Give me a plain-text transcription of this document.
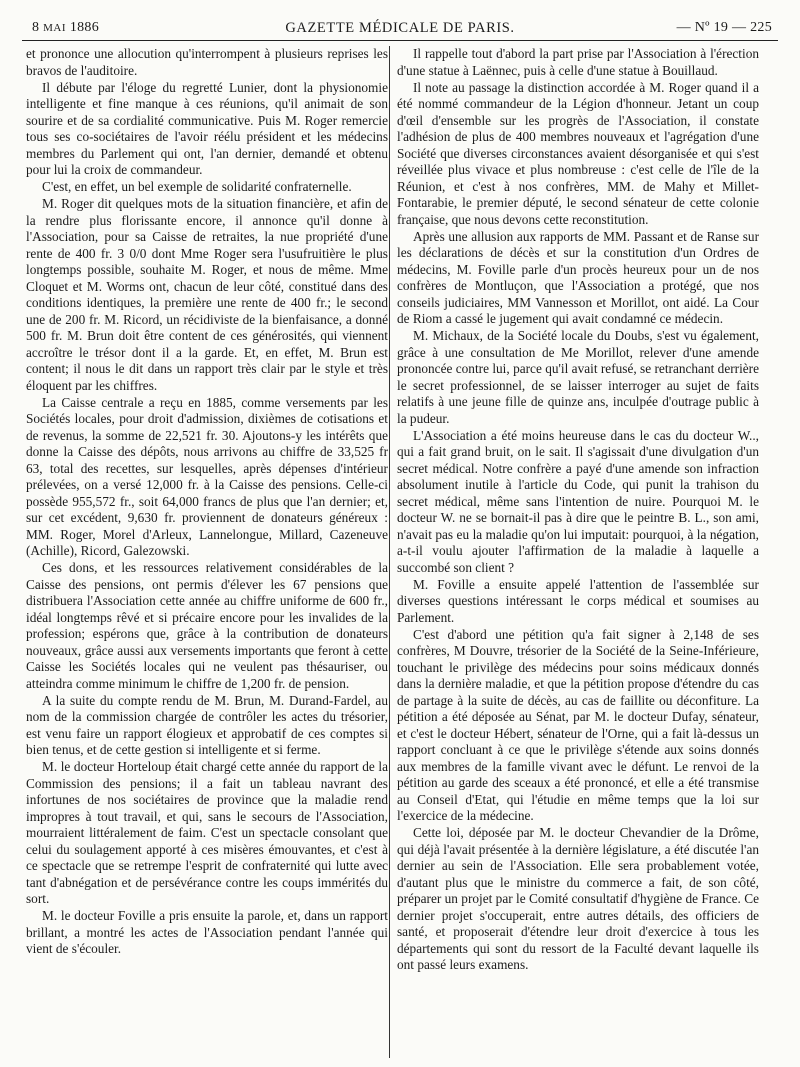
8 MAI 1886	GAZETTE MÉDICALE DE PARIS.	— Nº 19 — 225

et prononce une allocution qu'interrompent à plusieurs reprises les bravos de l'auditoire.

Il débute par l'éloge du regretté Lunier, dont la physionomie intelligente et fine manque à ces réunions, qu'il animait de son sourire et de sa cordialité communicative. Puis M. Roger remercie tous ses co-sociétaires de l'avoir réélu président et les médecins membres du Parlement qui ont, l'an dernier, demandé et obtenu pour lui la croix de commandeur.

C'est, en effet, un bel exemple de solidarité confraternelle.

M. Roger dit quelques mots de la situation financière, et afin de la rendre plus florissante encore, il annonce qu'il donne à l'Association, pour sa Caisse de retraites, la nue propriété d'une rente de 400 fr. 3 0/0 dont Mme Roger sera l'usufruitière le plus longtemps possible, souhaite M. Roger, et nous de même. Mme Cloquet et M. Worms ont, chacun de leur côté, constitué dans des conditions identiques, la première une rente de 400 fr.; le second une de 200 fr. M. Ricord, un récidiviste de la bienfaisance, a donné 500 fr. M. Brun doit être content de ces générosités, qui viennent accroître le trésor dont il a la garde. Et, en effet, M. Brun est content; il nous le dit dans un rapport très clair par le style et très éloquent par les chiffres.

La Caisse centrale a reçu en 1885, comme versements par les Sociétés locales, pour droit d'admission, dixièmes de cotisations et de revenus, la somme de 22,521 fr. 30. Ajoutons-y les intérêts que donne la Caisse des dépôts, nous arrivons au chiffre de 33,525 fr 63, total des recettes, sur lesquelles, après dépenses d'intérieur prélevées, on a versé 12,000 fr. à la Caisse des pensions. Celle-ci possède 955,572 fr., soit 64,000 francs de plus que l'an dernier; et, sur cet excédent, 9,630 fr. proviennent de donateurs généreux : MM. Roger, Morel d'Arleux, Lannelongue, Millard, Cazeneuve (Achille), Ricord, Galezowski.

Ces dons, et les ressources relativement considérables de la Caisse des pensions, ont permis d'élever les 67 pensions que distribuera l'Association cette année au chiffre uniforme de 600 fr., idéal longtemps rêvé et si précaire encore pour les invalides de la profession; espérons que, grâce à la contribution de donateurs nouveaux, grâce aussi aux versements importants que feront à cette Caisse les Sociétés locales qui ne veulent pas thésauriser, ou atteindra comme minimum le chiffre de 1,200 fr. de pension.

A la suite du compte rendu de M. Brun, M. Durand-Fardel, au nom de la commission chargée de contrôler les actes du trésorier, est venu faire un rapport élogieux et approbatif de ces comptes si bien tenus, et de cette gestion si intelligente et si ferme.

M. le docteur Horteloup était chargé cette année du rapport de la Commission des pensions; il a fait un tableau navrant des infortunes de nos sociétaires de province que la maladie rend impropres à tout travail, et qui, sans le secours de l'Association, mourraient littéralement de faim. C'est un spectacle consolant que celui du soulagement apporté à ces misères émouvantes, et c'est à ce spectacle que se retrempe l'esprit de confraternité qui lutte avec tant d'abnégation et de persévérance contre les coups immérités du sort.

M. le docteur Foville a pris ensuite la parole, et, dans un rapport brillant, a montré les actes de l'Association pendant l'année qui vient de s'écouler.

Il rappelle tout d'abord la part prise par l'Association à l'érection d'une statue à Laënnec, puis à celle d'une statue à Bouillaud.

Il note au passage la distinction accordée à M. Roger quand il a été nommé commandeur de la Légion d'honneur. Jetant un coup d'œil d'ensemble sur les progrès de l'Association, il constate l'adhésion de plus de 400 membres nouveaux et l'agrégation d'une Société que diverses circonstances avaient désorganisée et qui s'est réveillée plus vivace et plus nombreuse : c'est celle de l'île de la Réunion, et c'est à nos confrères, MM. de Mahy et Millet-Fontarabie, le premier député, le second sénateur de cette colonie française, que nous devons cette reconstitution.

Après une allusion aux rapports de MM. Passant et de Ranse sur les déclarations de décès et sur la constitution d'un Ordres de médecins, M. Foville parle d'un procès heureux pour un de nos confrères de Montluçon, que l'Association a protégé, que nos conseils judiciaires, MM Vannesson et Morillot, ont aidé. La Cour de Riom a cassé le jugement qui avait condamné ce médecin.

M. Michaux, de la Société locale du Doubs, s'est vu également, grâce à une consultation de Me Morillot, relever d'une amende prononcée contre lui, parce qu'il avait refusé, se retranchant derrière le secret professionnel, de se laisser interroger au sujet de faits relatifs à une jeune fille de quinze ans, inculpée d'outrage public à la pudeur.

L'Association a été moins heureuse dans le cas du docteur W.., qui a fait grand bruit, on le sait. Il s'agissait d'une divulgation d'un secret médical. Notre confrère a payé d'une amende son infraction absolument inutile à l'article du Code, qui punit la trahison du secret médical, même sans l'intention de nuire. Pourquoi M. le docteur W. ne se bornait-il pas à dire que le peintre B. L., son ami, n'avait pas eu la maladie qu'on lui imputait: pourquoi, à la négation, a-t-il voulu ajouter l'affirmation de la maladie à laquelle a succombé son client ?

M. Foville a ensuite appelé l'attention de l'assemblée sur diverses questions intéressant le corps médical et soumises au Parlement.

C'est d'abord une pétition qu'a fait signer à 2,148 de ses confrères, M Douvre, trésorier de la Société de la Seine-Inférieure, touchant le privilège des médecins pour soins médicaux donnés dans la dernière maladie, et que la pétition propose d'étendre du cas de partage à la suite de décès, au cas de faillite ou déconfiture. La pétition a été déposée au Sénat, par M. le docteur Dufay, sénateur, et c'est le docteur Hébert, sénateur de l'Orne, qui a fait là-dessus un rapport concluant à ce que le privilège s'étende aux soins donnés aux membres de la famille vivant avec le défunt. Le renvoi de la pétition au garde des sceaux a été prononcé, et elle a été transmise au Conseil d'Etat, qui l'étudie en même temps que la loi sur l'exercice de la médecine.

Cette loi, déposée par M. le docteur Chevandier de la Drôme, qui déjà l'avait présentée à la dernière législature, a été discutée l'an dernier au sein de l'Association. Elle sera probablement votée, d'autant plus que le ministre du commerce a fait, de son côté, préparer un projet par le Comité consultatif d'hygiène de France. Ce dernier projet s'occuperait, entre autres détails, des officiers de santé, et proposerait d'étendre leur droit d'exercice à tous les départements qui sont du ressort de la Faculté devant laquelle ils ont passé leurs examens.
